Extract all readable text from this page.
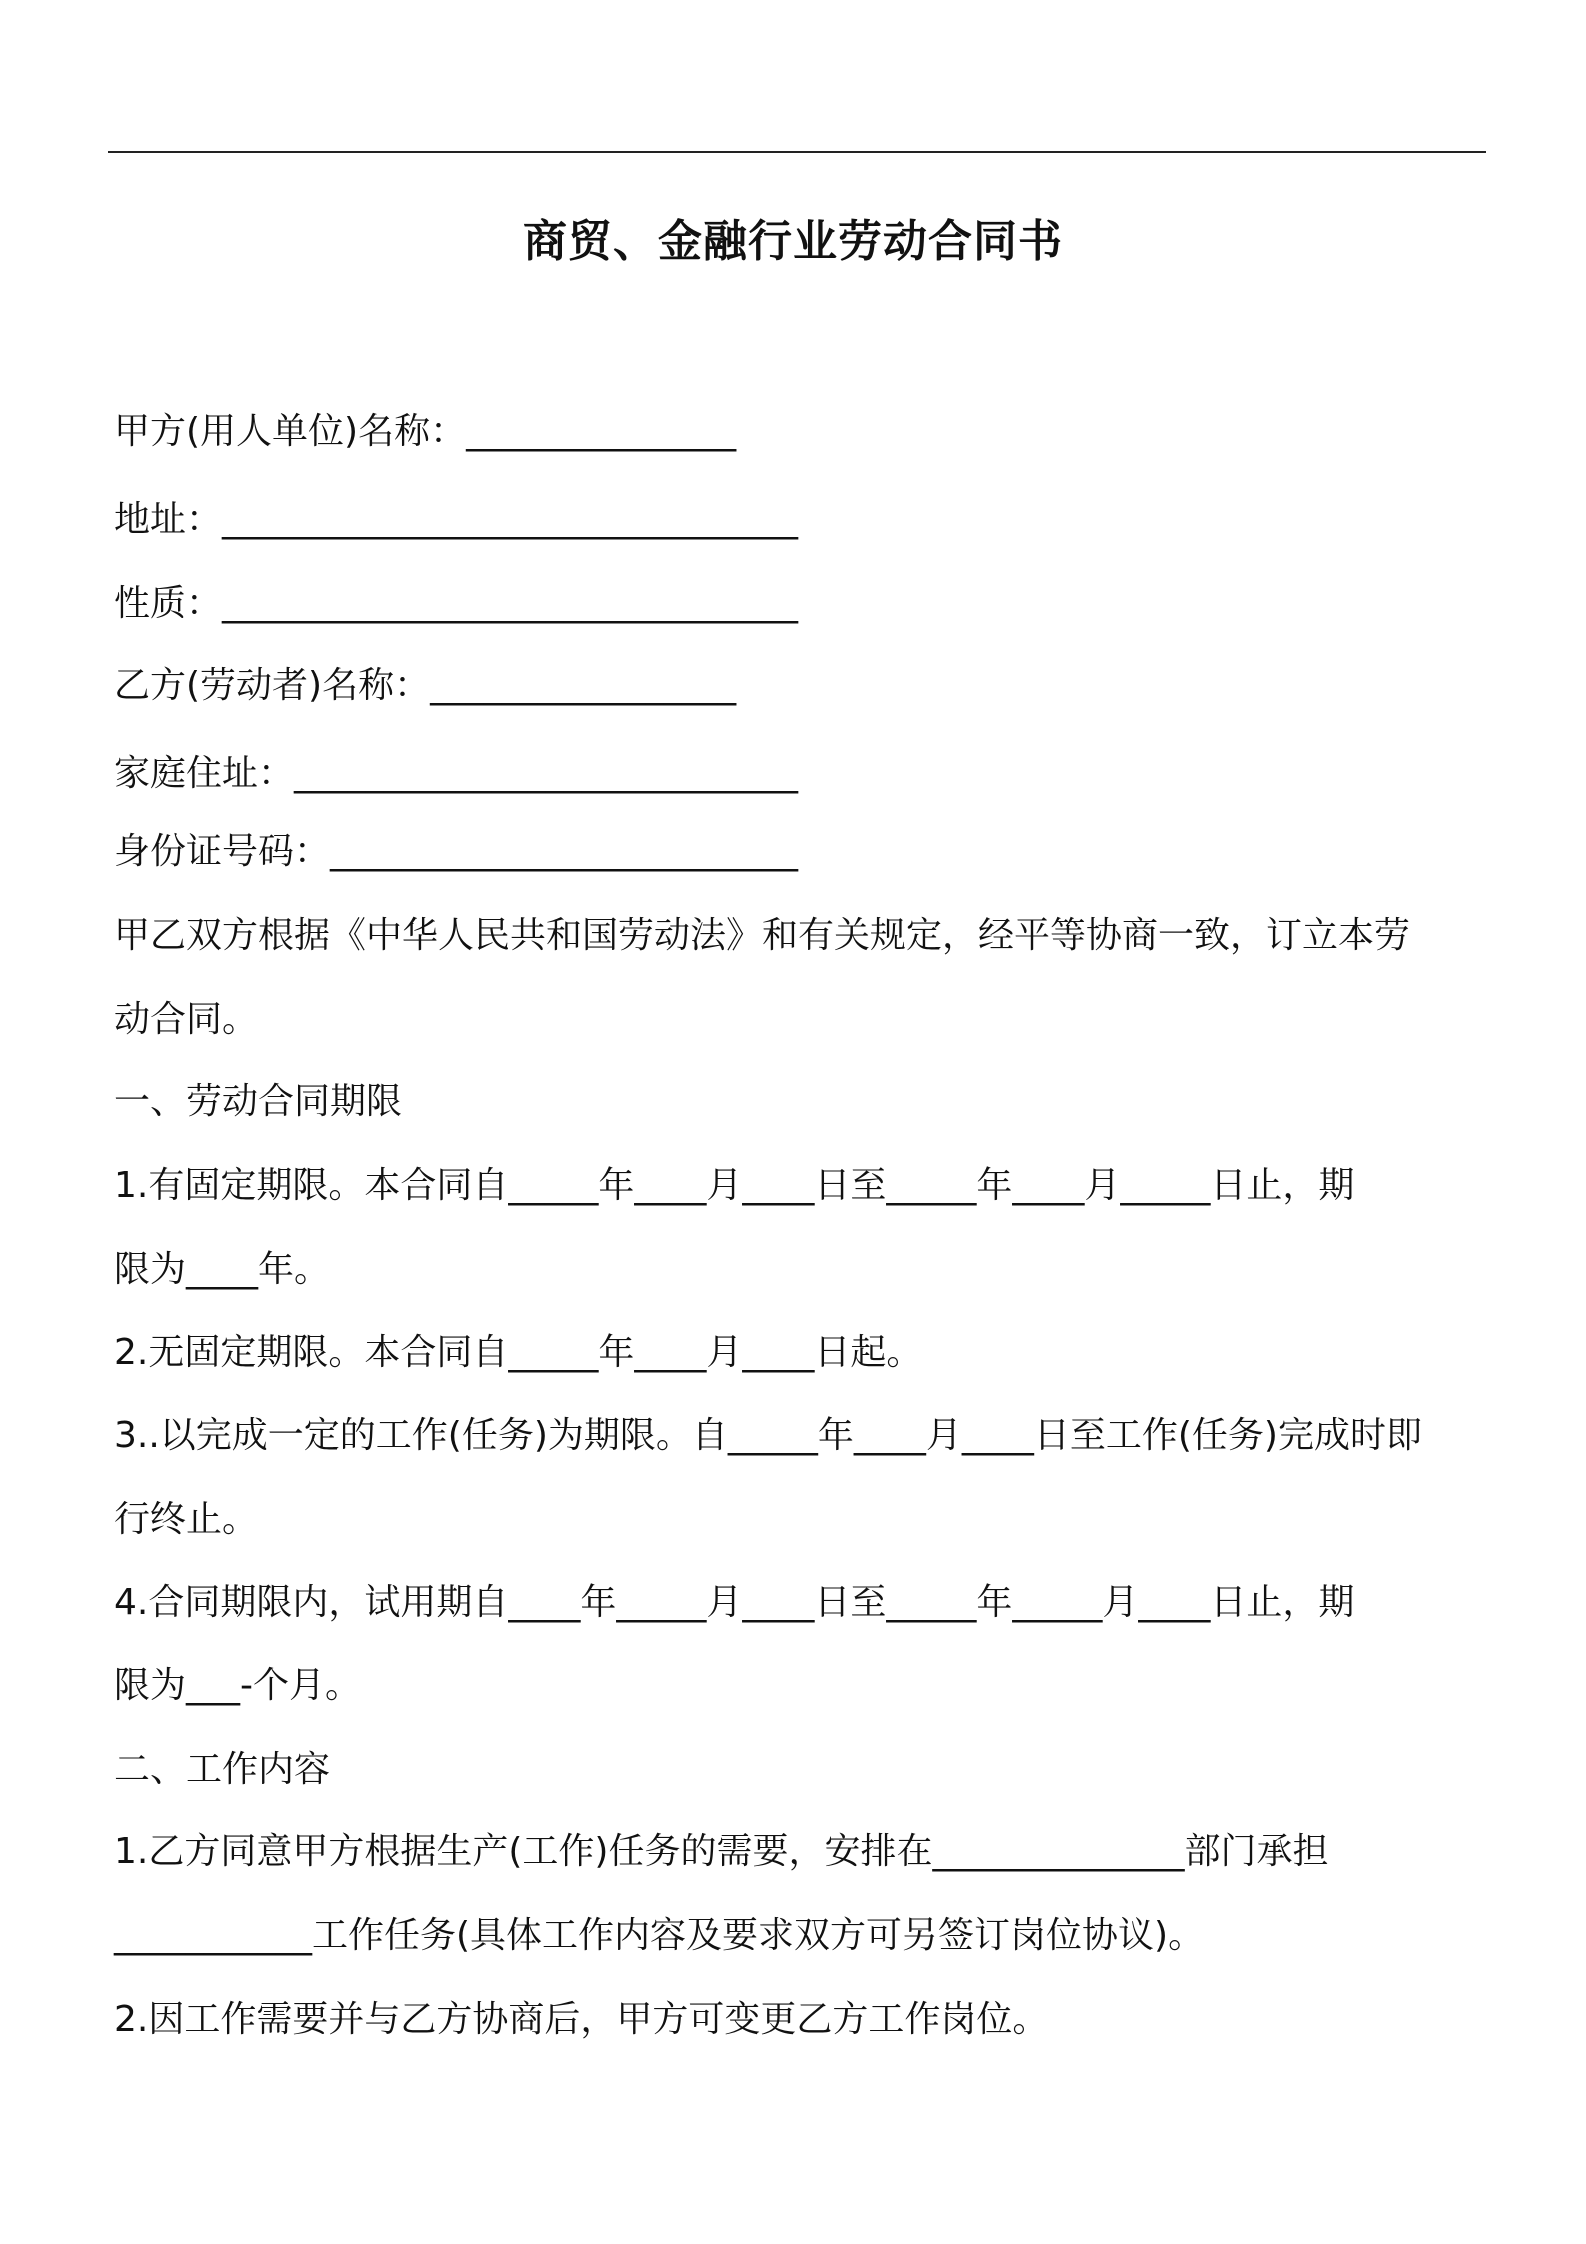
商贸、金融行业劳动合同书
甲方(用人单位)名称：_______________
地址：________________________________
性质：________________________________
乙方(劳动者)名称：_________________
家庭住址：____________________________
身份证号码：__________________________
甲乙双方根据《中华人民共和国劳动法》和有关规定，经平等协商一致，订立本劳
动合同。
一、劳动合同期限
1.有固定期限。本合同自_____年____月____日至_____年____月_____日止，期
限为____年。
2.无固定期限。本合同自_____年____月____日起。
3..以完成一定的工作(任务)为期限。自_____年____月____日至工作(任务)完成时即
行终止。
4.合同期限内，试用期自____年_____月____日至_____年_____月____日止，期
限为___-个月。
二、工作内容
1.乙方同意甲方根据生产(工作)任务的需要，安排在______________部门承担
___________工作任务(具体工作内容及要求双方可另签订岗位协议)。
2.因工作需要并与乙方协商后，甲方可变更乙方工作岗位。
